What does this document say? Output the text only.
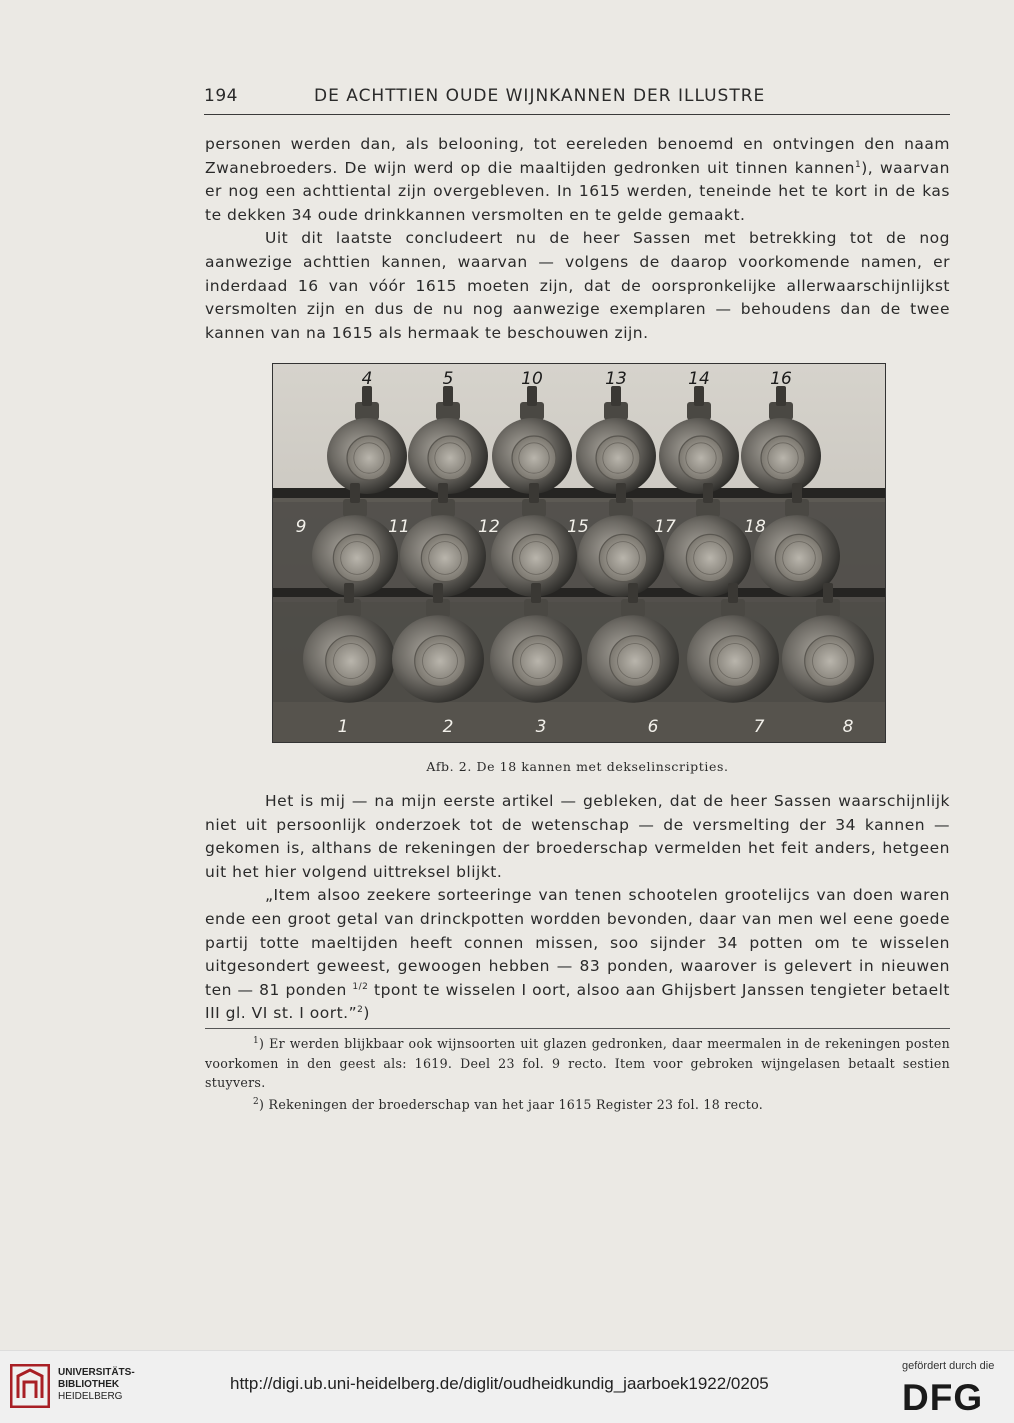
194	DE ACHTTIEN OUDE WIJNKANNEN DER ILLUSTRE

personen werden dan, als belooning, tot eereleden benoemd en ontvingen den naam Zwanebroeders. De wijn werd op die maaltijden gedronken uit tinnen kannen$^1$), waarvan er nog een achttiental zijn overgebleven. In 1615 werden, teneinde het te kort in de kas te dekken 34 oude drinkkannen versmolten en te gelde gemaakt.

Uit dit laatste concludeert nu de heer Sassen met betrekking tot de nog aanwezige achttien kannen, waarvan — volgens de daarop voorkomende namen, er inderdaad 16 van vóór 1615 moeten zijn, dat de oorspronkelijke allerwaarschijnlijkst versmolten zijn en dus de nu nog aanwezige exemplaren — behoudens dan de twee kannen van na 1615 als hermaak te beschouwen zijn.

4	5	10	13	14	16
9	11	12	15	17	18
1	2	3	6	7	8
Afb. 2. De 18 kannen met dekselinscripties.

Het is mij — na mijn eerste artikel — gebleken, dat de heer Sassen waarschijnlijk niet uit persoonlijk onderzoek tot de wetenschap — de versmelting der 34 kannen — gekomen is, althans de rekeningen der broederschap vermelden het feit anders, hetgeen uit het hier volgend uittreksel blijkt.

„Item alsoo zeekere sorteeringe van tenen schootelen grootelijcs van doen waren ende een groot getal van drinckpotten wordden bevonden, daar van men wel eene goede partij totte maeltijden heeft connen missen, soo sijnder 34 potten om te wisselen uitgesondert geweest, gewoogen hebben — 83 ponden, waarover is gelevert in nieuwen ten — 81 ponden $^{1/2}$ tpont te wisselen I oort, alsoo aan Ghijsbert Janssen tengieter betaelt III gl. VI st. I oort.”$^2$)

$^1$) Er werden blijkbaar ook wijnsoorten uit glazen gedronken, daar meermalen in de rekeningen posten voorkomen in den geest als: 1619. Deel 23 fol. 9 recto. Item voor gebroken wijngelasen betaalt sestien stuyvers.

$^2$) Rekeningen der broederschap van het jaar 1615 Register 23 fol. 18 recto.

UNIVERSITÄTS-
BIBLIOTHEK
HEIDELBERG
http://digi.ub.uni-heidelberg.de/diglit/oudheidkundig_jaarboek1922/0205
gefördert durch die
DFG
